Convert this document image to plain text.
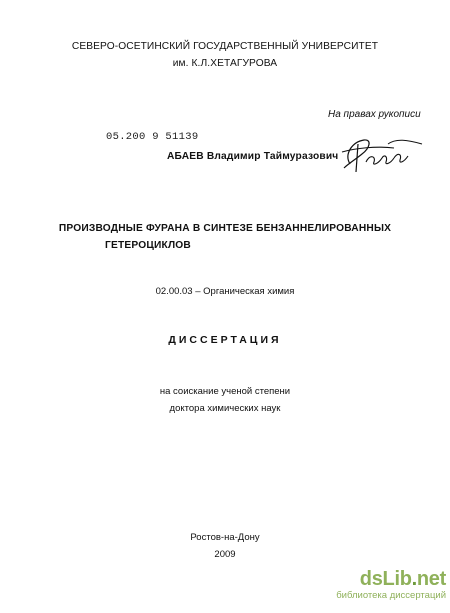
СЕВЕРО-ОСЕТИНСКИЙ ГОСУДАРСТВЕННЫЙ УНИВЕРСИТЕТ
им. К.Л.ХЕТАГУРОВА
На правах рукописи
05.200 9 51139
АБАЕВ Владимир Таймуразович
ПРОИЗВОДНЫЕ ФУРАНА В СИНТЕЗЕ БЕНЗАННЕЛИРОВАННЫХ
ГЕТЕРОЦИКЛОВ
02.00.03 – Органическая химия
ДИССЕРТАЦИЯ
на соискание ученой степени
доктора химических наук
Ростов-на-Дону
2009
dsLib.net
библиотека диссертаций
